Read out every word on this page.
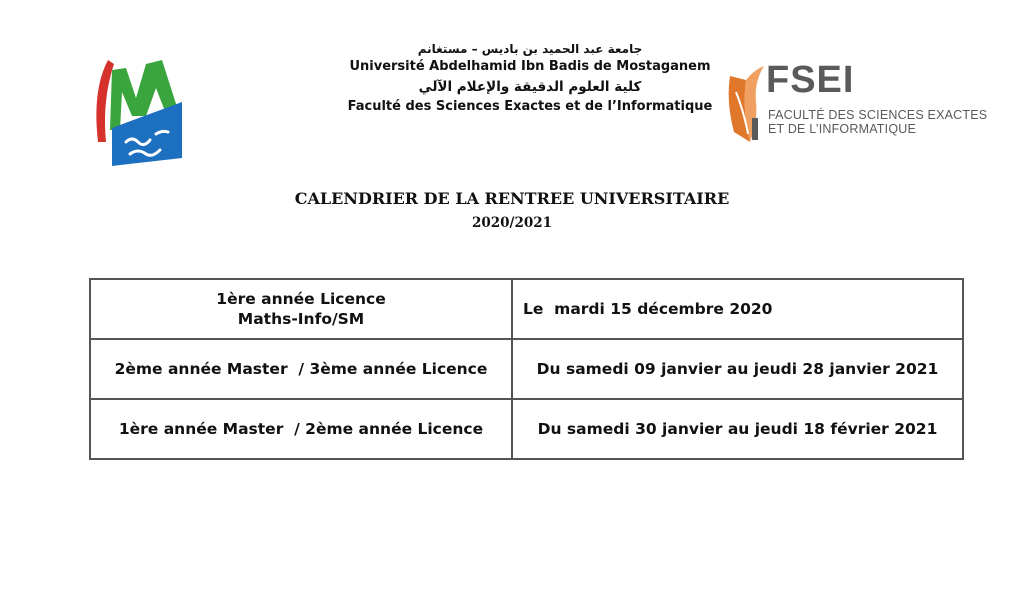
جامعة عبد الحميد بن باديس – مستغانم
Université Abdelhamid Ibn Badis de Mostaganem
كلية العلوم الدقيقة والإعلام الآلي
Faculté des Sciences Exactes et de l’Informatique
FSEI
FACULTÉ DES SCIENCES EXACTES
ET DE L’INFORMATIQUE
CALENDRIER DE LA RENTREE UNIVERSITAIRE
2020/2021
1ère année Licence
Maths-Info/SM	Le  mardi 15 décembre 2020
2ème année Master  / 3ème année Licence	Du samedi 09 janvier au jeudi 28 janvier 2021
1ère année Master  / 2ème année Licence	Du samedi 30 janvier au jeudi 18 février 2021
